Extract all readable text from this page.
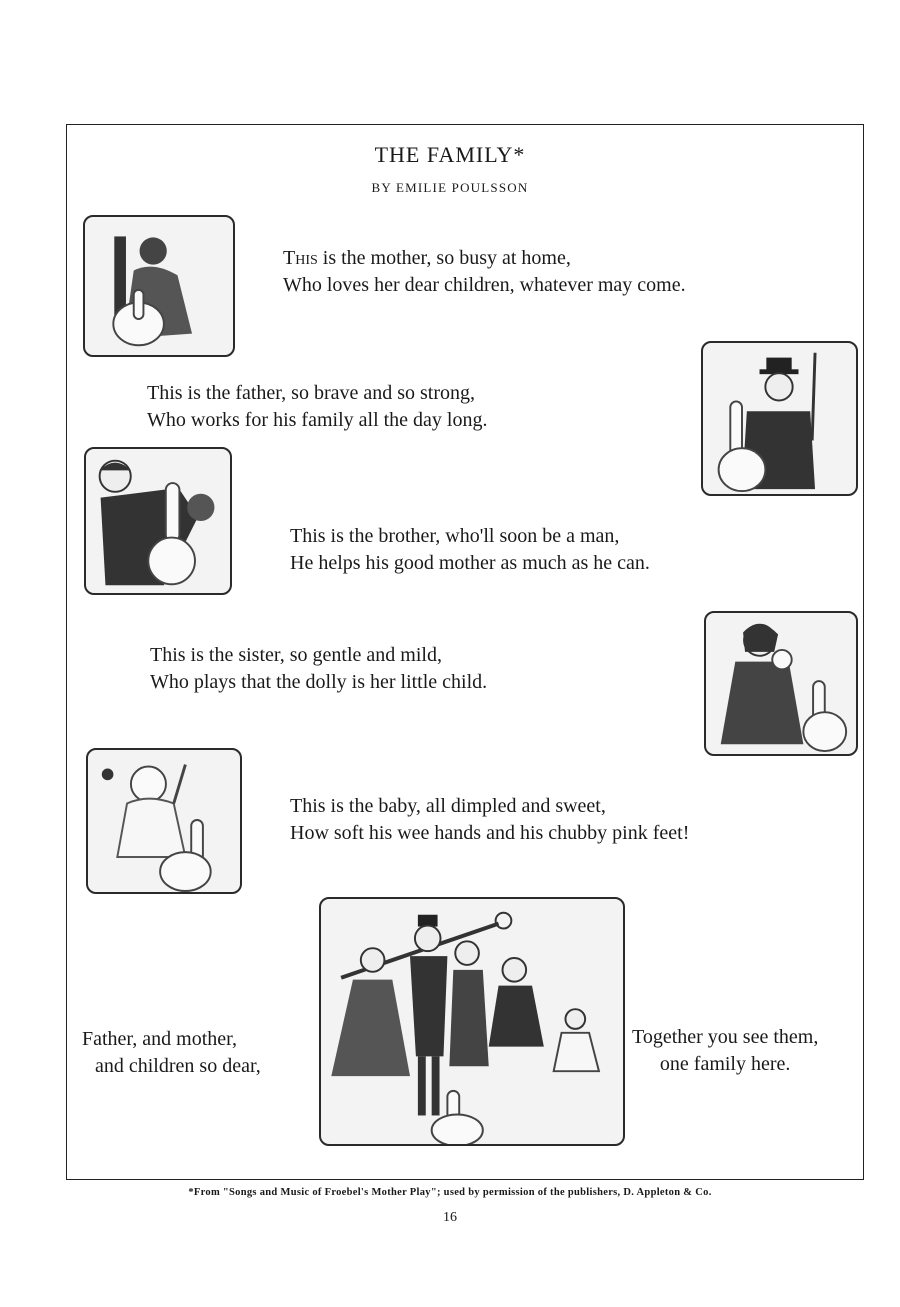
THE FAMILY*
BY EMILIE POULSSON
This is the mother, so busy at home,
Who loves her dear children, whatever may come.
This is the father, so brave and so strong,
Who works for his family all the day long.
This is the brother, who'll soon be a man,
He helps his good mother as much as he can.
This is the sister, so gentle and mild,
Who plays that the dolly is her little child.
This is the baby, all dimpled and sweet,
How soft his wee hands and his chubby pink feet!
Father, and mother,
and children so dear,
Together you see them,
one family here.
*From "Songs and Music of Froebel's Mother Play"; used by permission of the publishers, D. Appleton & Co.
16
